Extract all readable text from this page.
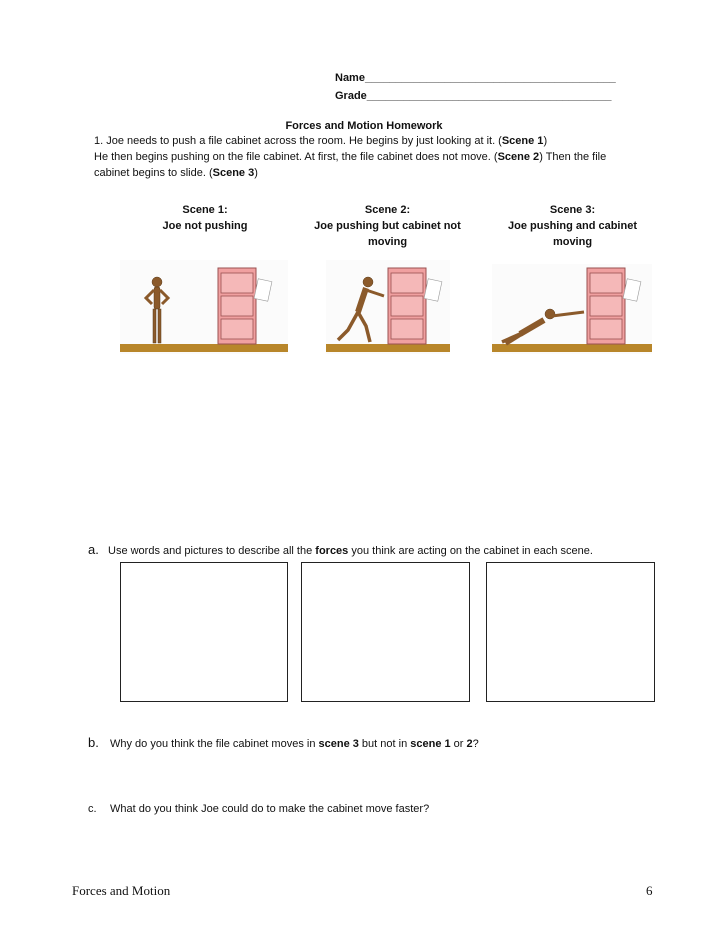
Name_________________________________________
Grade________________________________________
Forces and Motion Homework
1. Joe needs to push a file cabinet across the room. He begins by just looking at it. (Scene 1)
He then begins pushing on the file cabinet. At first, the file cabinet does not move. (Scene 2) Then the file
cabinet begins to slide. (Scene 3)
Scene 1:
Joe not pushing
Scene 2:
Joe pushing but cabinet not
moving
Scene 3:
Joe pushing and cabinet
moving
a. Use words and pictures to describe all the forces you think are acting on the cabinet in each scene.
b. Why do you think the file cabinet moves in scene 3 but not in scene 1 or 2?
c. What do you think Joe could do to make the cabinet move faster?
Forces and Motion	6
